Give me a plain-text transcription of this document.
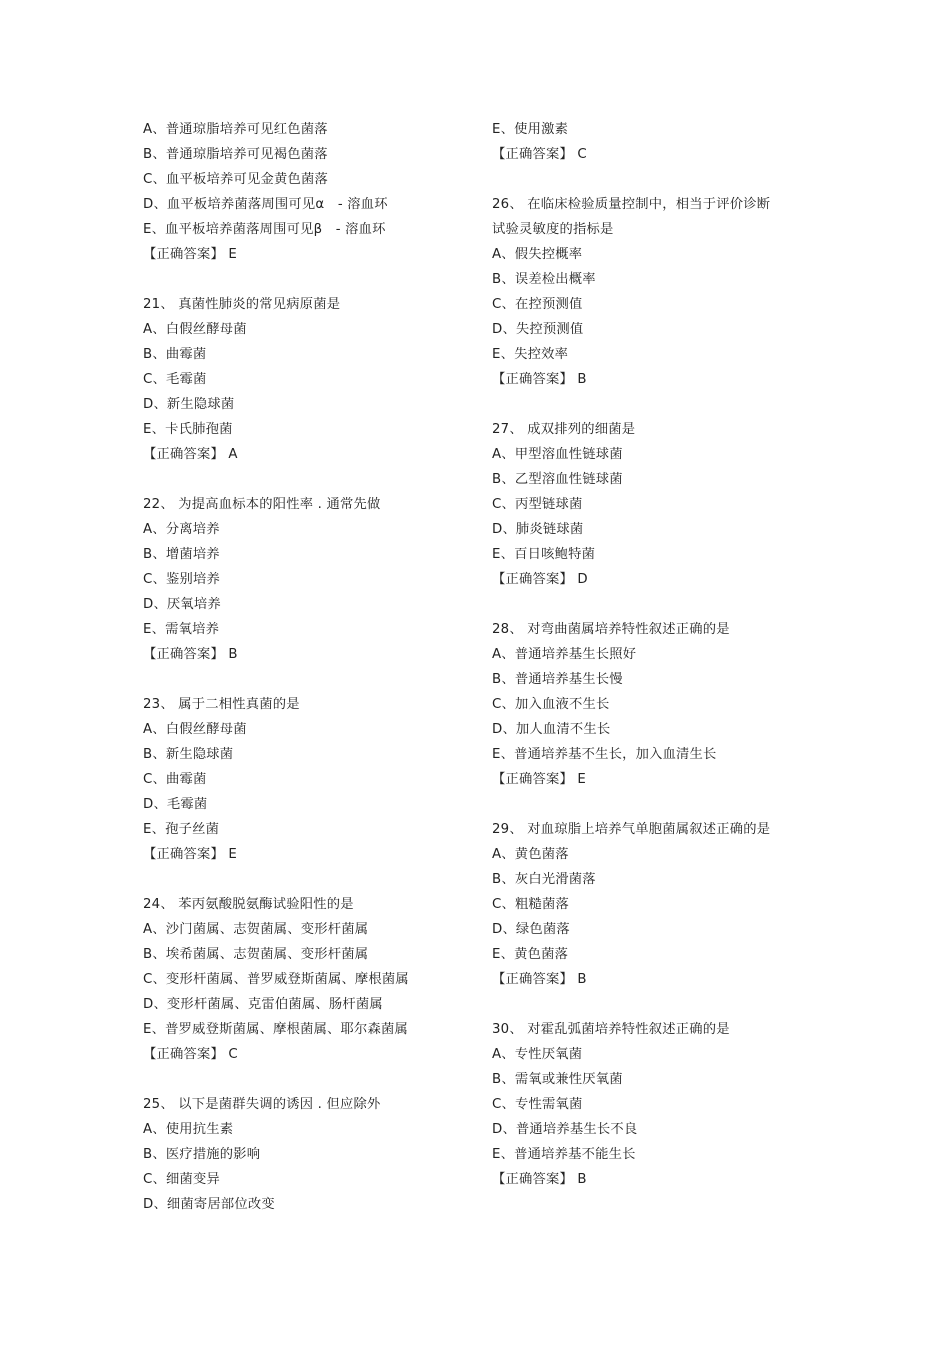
A、普通琼脂培养可见红色菌落
B、普通琼脂培养可见褐色菌落
C、血平板培养可见金黄色菌落
D、血平板培养菌落周围可见α　- 溶血环
E、血平板培养菌落周围可见β　- 溶血环
【正确答案】 E
21、 真菌性肺炎的常见病原菌是
A、白假丝酵母菌
B、曲霉菌
C、毛霉菌
D、新生隐球菌
E、卡氏肺孢菌
【正确答案】 A
22、 为提高血标本的阳性率 . 通常先做
A、分离培养
B、增菌培养
C、鉴别培养
D、厌氧培养
E、需氧培养
【正确答案】 B
23、 属于二相性真菌的是
A、白假丝酵母菌
B、新生隐球菌
C、曲霉菌
D、毛霉菌
E、孢子丝菌
【正确答案】 E
24、 苯丙氨酸脱氨酶试验阳性的是
A、沙门菌属、志贺菌属、变形杆菌属
B、埃希菌属、志贺菌属、变形杆菌属
C、变形杆菌属、普罗威登斯菌属、摩根菌属
D、变形杆菌属、克雷伯菌属、肠杆菌属
E、普罗威登斯菌属、摩根菌属、耶尔森菌属
【正确答案】 C
25、 以下是菌群失调的诱因 . 但应除外
A、使用抗生素
B、医疗措施的影响
C、细菌变异
D、细菌寄居部位改变
E、使用激素
【正确答案】 C
26、 在临床检验质量控制中，相当于评价诊断
试验灵敏度的指标是
A、假失控概率
B、误差检出概率
C、在控预测值
D、失控预测值
E、失控效率
【正确答案】 B
27、 成双排列的细菌是
A、甲型溶血性链球菌
B、乙型溶血性链球菌
C、丙型链球菌
D、肺炎链球菌
E、百日咳鲍特菌
【正确答案】 D
28、 对弯曲菌属培养特性叙述正确的是
A、普通培养基生长照好
B、普通培养基生长慢
C、加入血液不生长
D、加人血清不生长
E、普通培养基不生长，加入血清生长
【正确答案】 E
29、 对血琼脂上培养气单胞菌属叙述正确的是
A、黄色菌落
B、灰白光滑菌落
C、粗糙菌落
D、绿色菌落
E、黄色菌落
【正确答案】 B
30、 对霍乱弧菌培养特性叙述正确的是
A、专性厌氧菌
B、需氧或兼性厌氧菌
C、专性需氧菌
D、普通培养基生长不良
E、普通培养基不能生长
【正确答案】 B
